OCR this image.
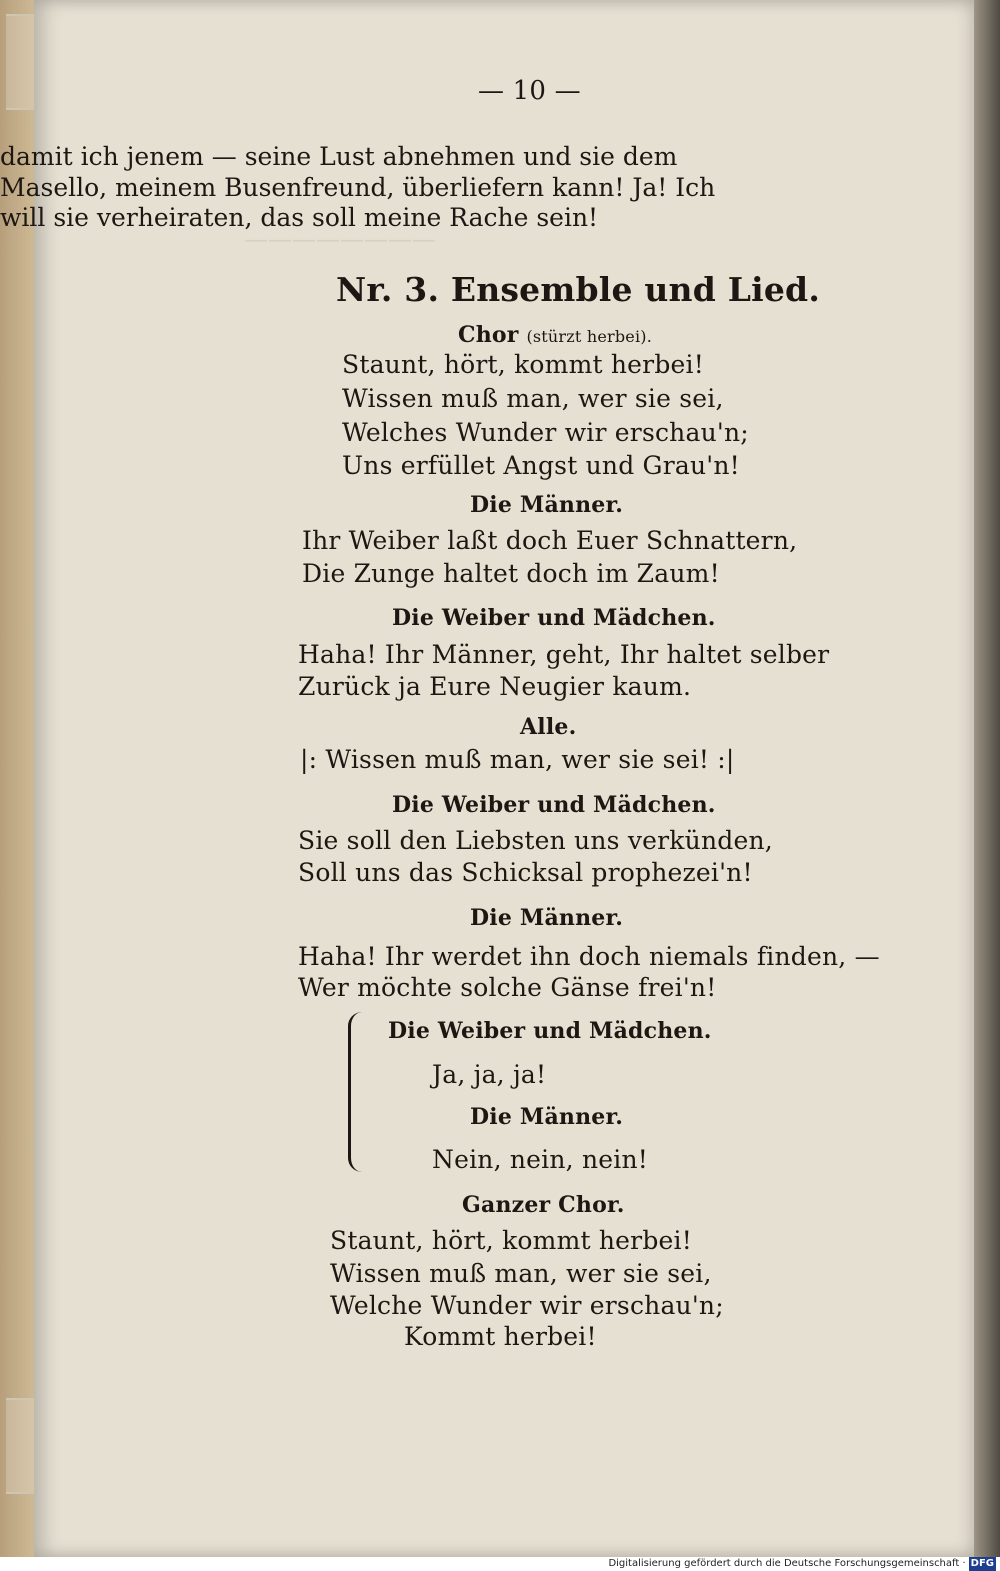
————————
— 10 —
damit ich jenem — seine Lust abnehmen und sie dem
Masello, meinem Busenfreund, überliefern kann! Ja! Ich
will sie verheiraten, das soll meine Rache sein!
Nr. 3. Ensemble und Lied.
Chor (stürzt herbei).
Staunt, hört, kommt herbei!
Wissen muß man, wer sie sei,
Welches Wunder wir erschau'n;
Uns erfüllet Angst und Grau'n!
Die Männer.
Ihr Weiber laßt doch Euer Schnattern,
Die Zunge haltet doch im Zaum!
Die Weiber und Mädchen.
Haha! Ihr Männer, geht, Ihr haltet selber
Zurück ja Eure Neugier kaum.
Alle.
|: Wissen muß man, wer sie sei! :|
Die Weiber und Mädchen.
Sie soll den Liebsten uns verkünden,
Soll uns das Schicksal prophezei'n!
Die Männer.
Haha! Ihr werdet ihn doch niemals finden, —
Wer möchte solche Gänse frei'n!
Die Weiber und Mädchen.
Ja, ja, ja!
Die Männer.
Nein, nein, nein!
Ganzer Chor.
Staunt, hört, kommt herbei!
Wissen muß man, wer sie sei,
Welche Wunder wir erschau'n;
Kommt herbei!
Digitalisierung gefördert durch die Deutsche Forschungsgemeinschaft · DFG
